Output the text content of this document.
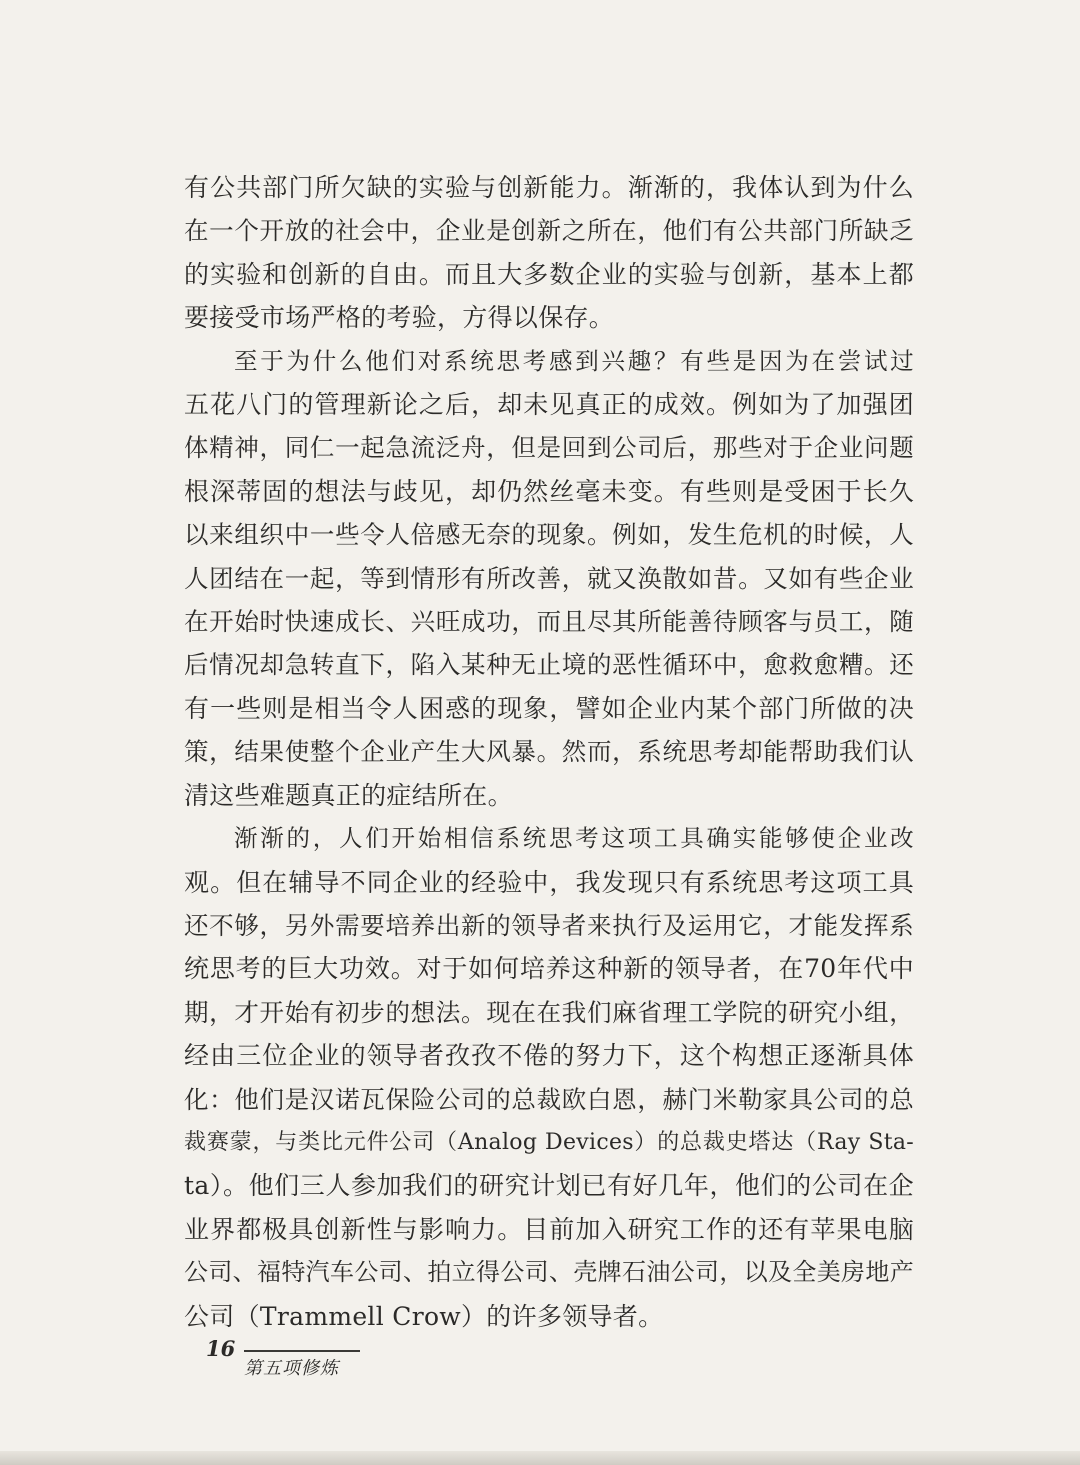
有公共部门所欠缺的实验与创新能力。渐渐的，我体认到为什么
在一个开放的社会中，企业是创新之所在，他们有公共部门所缺乏
的实验和创新的自由。而且大多数企业的实验与创新，基本上都
要接受市场严格的考验，方得以保存。
至于为什么他们对系统思考感到兴趣？有些是因为在尝试过
五花八门的管理新论之后，却未见真正的成效。例如为了加强团
体精神，同仁一起急流泛舟，但是回到公司后，那些对于企业问题
根深蒂固的想法与歧见，却仍然丝毫未变。有些则是受困于长久
以来组织中一些令人倍感无奈的现象。例如，发生危机的时候，人
人团结在一起，等到情形有所改善，就又涣散如昔。又如有些企业
在开始时快速成长、兴旺成功，而且尽其所能善待顾客与员工，随
后情况却急转直下，陷入某种无止境的恶性循环中，愈救愈糟。还
有一些则是相当令人困惑的现象，譬如企业内某个部门所做的决
策，结果使整个企业产生大风暴。然而，系统思考却能帮助我们认
清这些难题真正的症结所在。
渐渐的，人们开始相信系统思考这项工具确实能够使企业改
观。但在辅导不同企业的经验中，我发现只有系统思考这项工具
还不够，另外需要培养出新的领导者来执行及运用它，才能发挥系
统思考的巨大功效。对于如何培养这种新的领导者，在70年代中
期，才开始有初步的想法。现在在我们麻省理工学院的研究小组，
经由三位企业的领导者孜孜不倦的努力下，这个构想正逐渐具体
化：他们是汉诺瓦保险公司的总裁欧白恩，赫门米勒家具公司的总
裁赛蒙，与类比元件公司（Analog Devices）的总裁史塔达（Ray Sta-
ta）。他们三人参加我们的研究计划已有好几年，他们的公司在企
业界都极具创新性与影响力。目前加入研究工作的还有苹果电脑
公司、福特汽车公司、拍立得公司、壳牌石油公司，以及全美房地产
公司（Trammell Crow）的许多领导者。
16
第五项修炼
